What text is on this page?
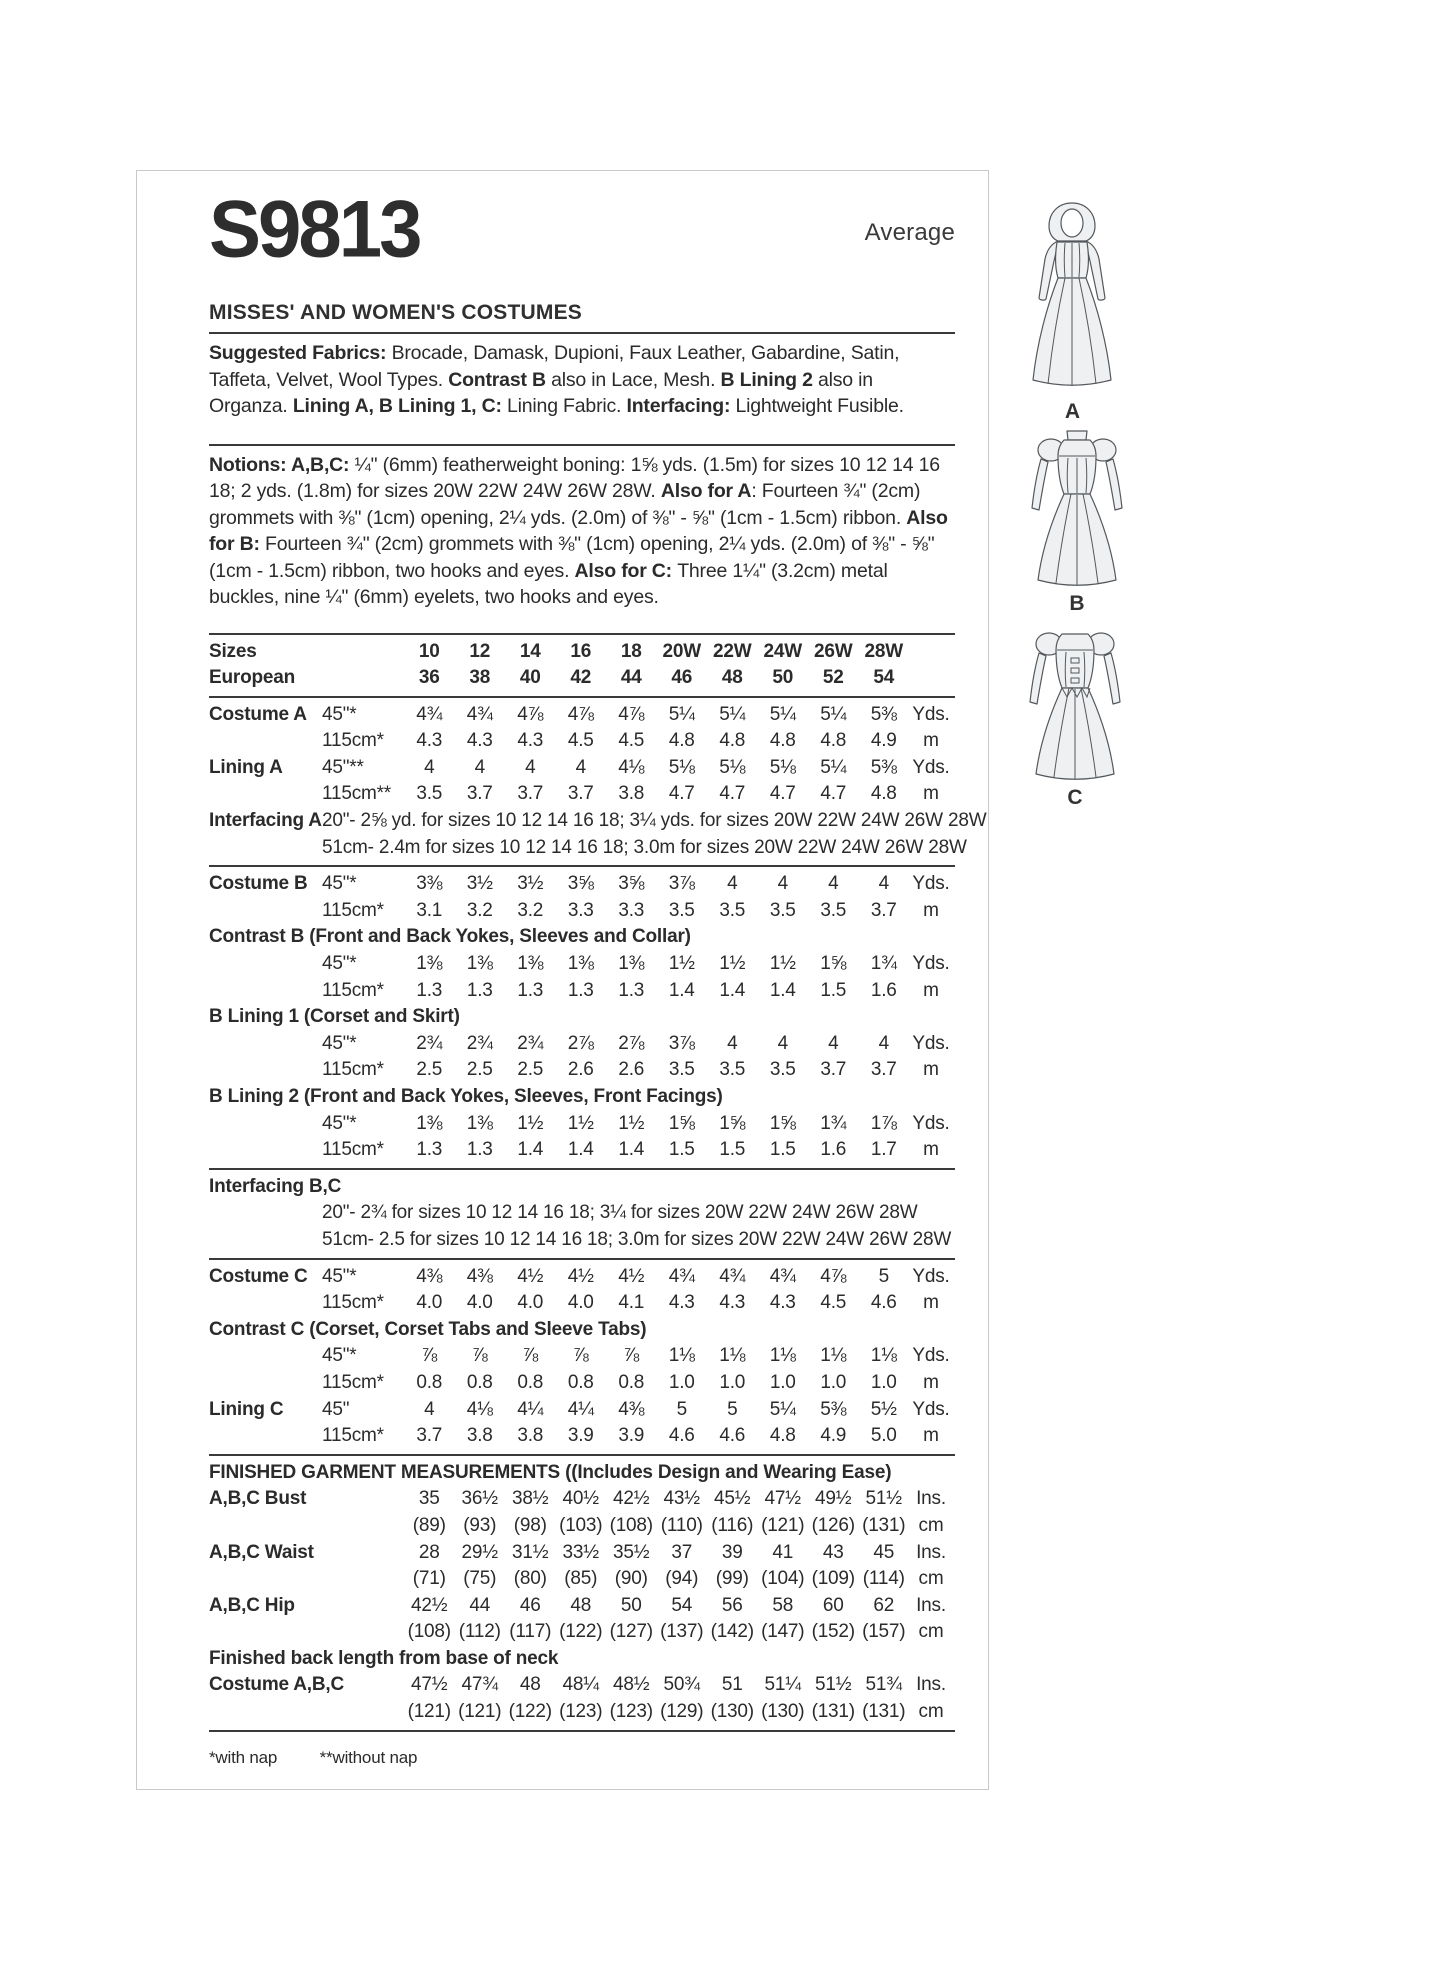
S9813	Average
MISSES' AND WOMEN'S COSTUMES
Suggested Fabrics: Brocade, Damask, Dupioni, Faux Leather, Gabardine, Satin, Taffeta, Velvet, Wool Types. Contrast B also in Lace, Mesh. B Lining 2 also in Organza. Lining A, B Lining 1, C: Lining Fabric. Interfacing: Lightweight Fusible.
Notions: A,B,C: ¼" (6mm) featherweight boning: 1⅝ yds. (1.5m) for sizes 10 12 14 16 18; 2 yds. (1.8m) for sizes 20W 22W 24W 26W 28W. Also for A: Fourteen ¾" (2cm) grommets with ⅜" (1cm) opening, 2¼ yds. (2.0m) of ⅜" - ⅝" (1cm - 1.5cm) ribbon. Also for B: Fourteen ¾" (2cm) grommets with ⅜" (1cm) opening, 2¼ yds. (2.0m) of ⅜" - ⅝" (1cm - 1.5cm) ribbon, two hooks and eyes. Also for C: Three 1¼" (3.2cm) metal buckles, nine ¼" (6mm) eyelets, two hooks and eyes.
Sizes	10	12	14	16	18	20W 22W 24W 26W 28W
European	36	38	40	42	44	46	48	50	52	54
Costume A 45"*	4¾	4¾	4⅞	4⅞	4⅞	5¼	5¼	5¼	5¼	5⅜ Yds.
115cm*	4.3	4.3	4.3	4.5	4.5	4.8	4.8	4.8	4.8	4.9	m
Lining A	45"**	4	4	4	4	4⅛	5⅛	5⅛	5⅛	5¼	5⅜ Yds.
115cm**	3.5	3.7	3.7	3.7	3.8	4.7	4.7	4.7	4.7	4.8	m
Interfacing A 20"- 2⅝ yd. for sizes 10 12 14 16 18; 3¼ yds. for sizes 20W 22W 24W 26W 28W
51cm- 2.4m for sizes 10 12 14 16 18; 3.0m for sizes 20W 22W 24W 26W 28W
Costume B 45"*	3⅜	3½	3½	3⅝	3⅝	3⅞	4	4	4	4	Yds.
115cm*	3.1	3.2	3.2	3.3	3.3	3.5	3.5	3.5	3.5	3.7	m
Contrast B (Front and Back Yokes, Sleeves and Collar)
45"*	1⅜	1⅜	1⅜	1⅜	1⅜	1½	1½	1½	1⅝	1¾ Yds.
115cm*	1.3	1.3	1.3	1.3	1.3	1.4	1.4	1.4	1.5	1.6	m
B Lining 1 (Corset and Skirt)
45"*	2¾	2¾	2¾	2⅞	2⅞	3⅞	4	4	4	4	Yds.
115cm*	2.5	2.5	2.5	2.6	2.6	3.5	3.5	3.5	3.7	3.7	m
B Lining 2 (Front and Back Yokes, Sleeves, Front Facings)
45"*	1⅜	1⅜	1½	1½	1½	1⅝	1⅝	1⅝	1¾	1⅞ Yds.
115cm*	1.3	1.3	1.4	1.4	1.4	1.5	1.5	1.5	1.6	1.7	m
Interfacing B,C
20"- 2¾ for sizes 10 12 14 16 18; 3¼ for sizes 20W 22W 24W 26W 28W
51cm- 2.5 for sizes 10 12 14 16 18; 3.0m for sizes 20W 22W 24W 26W 28W
Costume C 45"*	4⅜	4⅜	4½	4½	4½	4¾	4¾	4¾	4⅞	5	Yds.
115cm*	4.0	4.0	4.0	4.0	4.1	4.3	4.3	4.3	4.5	4.6	m
Contrast C (Corset, Corset Tabs and Sleeve Tabs)
45"*	⅞	⅞	⅞	⅞	⅞	1⅛	1⅛	1⅛	1⅛	1⅛ Yds.
115cm*	0.8	0.8	0.8	0.8	0.8	1.0	1.0	1.0	1.0	1.0	m
Lining C	45"	4	4⅛	4¼	4¼	4⅜	5	5	5¼	5⅜	5½ Yds.
115cm*	3.7	3.8	3.8	3.9	3.9	4.6	4.6	4.8	4.9	5.0	m
FINISHED GARMENT MEASUREMENTS ((Includes Design and Wearing Ease)
A,B,C Bust	35	36½ 38½ 40½ 42½ 43½ 45½ 47½ 49½ 51½ Ins.
(89) (93) (98) (103) (108) (110) (116) (121) (126) (131) cm
A,B,C Waist	28	29½ 31½ 33½ 35½	37	39	41	43	45	Ins.
(71) (75) (80) (85) (90) (94) (99) (104) (109) (114) cm
A,B,C Hip	42½	44	46	48	50	54	56	58	60	62	Ins.
(108) (112) (117) (122) (127) (137) (142) (147) (152) (157) cm
Finished back length from base of neck
Costume A,B,C	47½ 47¾	48	48¼ 48½ 50¾	51	51¼ 51½ 51¾ Ins.
(121) (121) (122) (123) (123) (129) (130) (130) (131) (131) cm
*with nap	**without nap
A
B
C
